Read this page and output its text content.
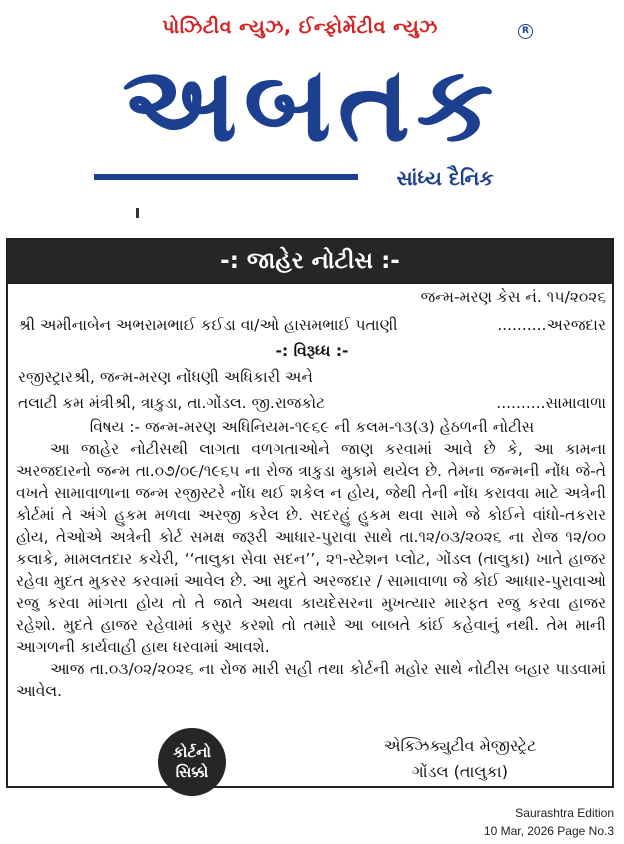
પોઝિટીવ ન્યુઝ, ઈન્ફોર્મેટીવ ન્યુઝ	R
અબતક
સાંધ્ય દૈનિક
-: જાહેર નોટીસ :-
જન્મ-મરણ કેસ નં. ૧૫/૨૦૨૬
શ્રી અમીનાબેન અભરામભાઈ કઈડા વા/ઓ હાસમભાઈ પતાણી	..........અરજદાર
-: વિરૂધ્ધ :-
રજીસ્ટ્રારશ્રી, જન્મ-મરણ નોંધણી અધિકારી અને
તલાટી કમ મંત્રીશ્રી, ત્રાકુડા, તા.ગોંડલ. જી.રાજકોટ	..........સામાવાળા
વિષય :- જન્મ-મરણ અધિનિયમ-૧૯૬૯ ની કલમ-૧૩(૩) હેઠળની નોટીસ

આ જાહેર નોટીસથી લાગતા વળગતાઓને જાણ કરવામાં આવે છે કે, આ કામના અરજદારનો જન્મ તા.૦૭/૦૯/૧૯૬૫ ના રોજ ત્રાકુડા મુકામે થયેલ છે. તેમના જન્મની નોંધ જે-તે વખતે સામાવાળાના જન્મ રજીસ્ટરે નોંધ થઈ શકેલ ન હોય, જેથી તેની નોંધ કરાવવા માટે અત્રેની કોર્ટમાં તે અંગે હુકમ મળવા અરજી કરેલ છે. સદરહું હુકમ થવા સામે જે કોઈને વાંધો-તકરાર હોય, તેઓએ અત્રેની કોર્ટ સમક્ષ જરૂરી આધાર-પુરાવા સાથે તા.૧૨/૦૩/૨૦૨૬ ના રોજ ૧૨/૦૦ કલાકે, મામલતદાર કચેરી, ‘‘તાલુકા સેવા સદન’’, ૨૧-સ્ટેશન પ્લોટ, ગોંડલ (તાલુકા) ખાતે હાજર રહેવા મુદત મુકરર કરવામાં આવેલ છે. આ મુદતે અરજદાર / સામાવાળા જે કોઈ આધાર-પુરાવાઓ રજુ કરવા માંગતા હોય તો તે જાતે અથવા કાયદેસરના મુખત્યાર મારફત રજુ કરવા હાજર રહેશો. મુદતે હાજર રહેવામાં કસુર કરશો તો તમારે આ બાબતે કાંઈ કહેવાનું નથી. તેમ માની આગળની કાર્યવાહી હાથ ધરવામાં આવશે.

આજ તા.૦૩/૦૨/૨૦૨૬ ના રોજ મારી સહી તથા કોર્ટની મહોર સાથે નોટીસ બહાર પાડવામાં આવેલ.

કોર્ટનો
સિક્કો
એક્ઝિક્યુટીવ મેજીસ્ટ્રેટ
ગોંડલ (તાલુકા)
Saurashtra Edition
10 Mar, 2026 Page No.3
